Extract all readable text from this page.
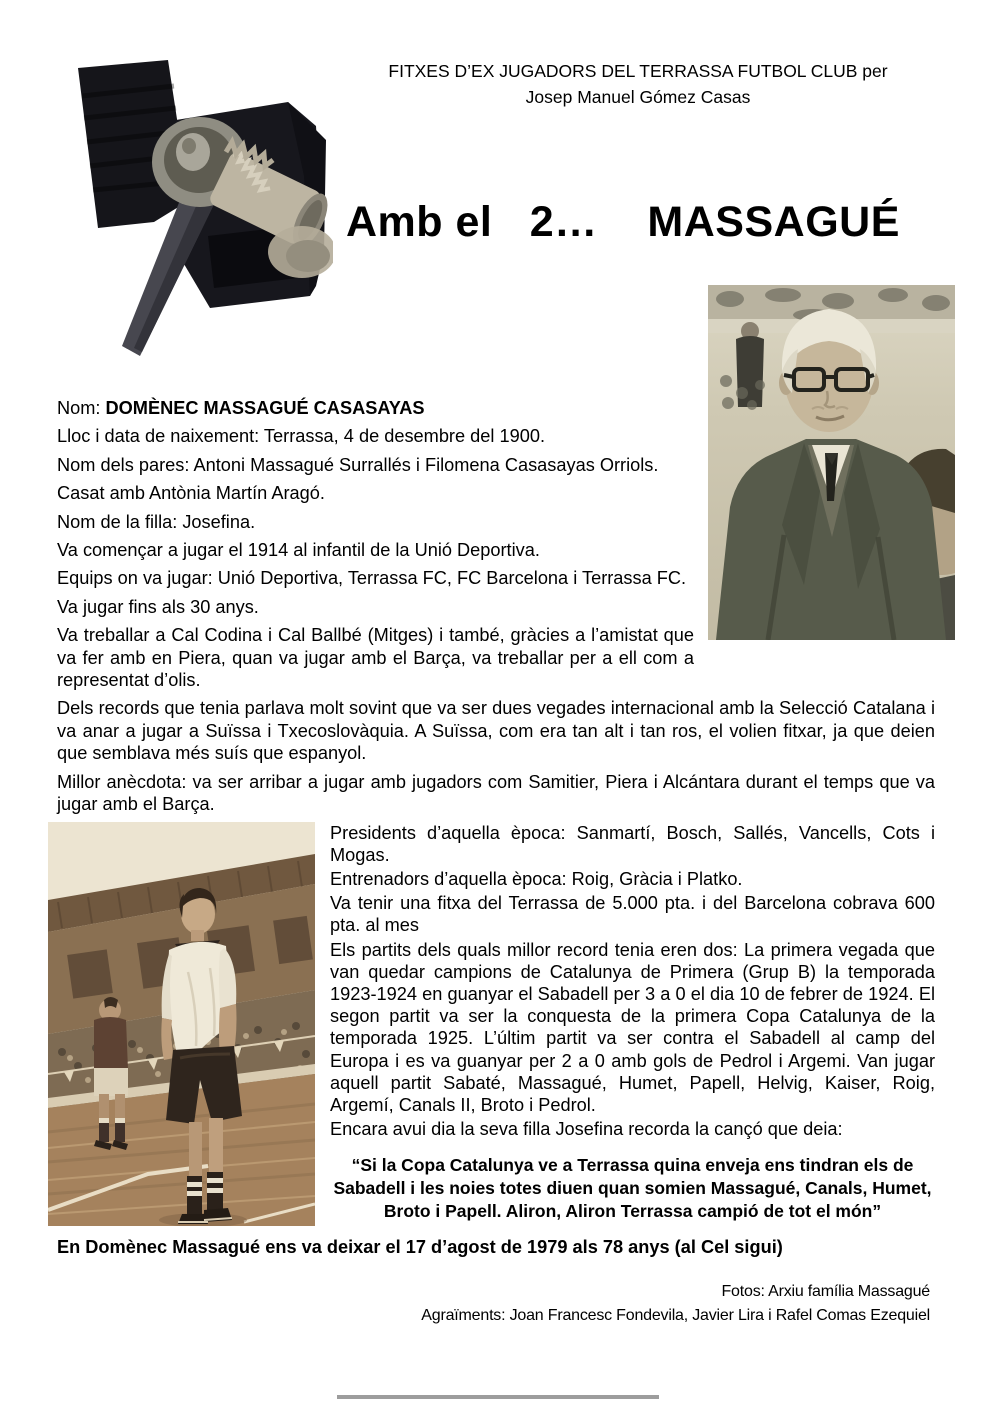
FITXES D’EX JUGADORS DEL TERRASSA FUTBOL CLUB per
Josep Manuel Gómez Casas
Amb el   2…    MASSAGUÉ

Nom: DOMÈNEC MASSAGUÉ CASASAYAS

Lloc i data de naixement: Terrassa, 4 de desembre del 1900.

Nom dels pares: Antoni Massagué Surrallés i Filomena Casasayas Orriols.

Casat amb Antònia Martín Aragó.

Nom de la filla: Josefina.

Va començar a jugar el 1914 al infantil de la Unió Deportiva.

Equips on va jugar: Unió Deportiva, Terrassa FC, FC Barcelona i Terrassa FC.

Va jugar fins als 30 anys.

Va treballar a Cal Codina i Cal Ballbé (Mitges) i també, gràcies a l’amistat que va fer amb en Piera, quan va jugar amb el Barça, va treballar per a ell com a representat d’olis.

Dels records que tenia parlava molt sovint que va ser dues vegades internacional amb la Selecció Catalana i va anar a jugar a Suïssa i Txecoslovàquia. A Suïssa, com era tan alt i tan ros, el volien fitxar, ja que deien que semblava més suís que espanyol.

Millor anècdota: va ser arribar a jugar amb jugadors com Samitier, Piera i Alcántara durant el temps que va jugar amb el Barça.

Presidents d’aquella època: Sanmartí, Bosch, Sallés, Vancells, Cots i Mogas.

Entrenadors d’aquella època: Roig, Gràcia i Platko.

Va tenir una fitxa del Terrassa de 5.000 pta. i del Barcelona cobrava 600 pta. al mes

Els partits dels quals millor record tenia eren dos: La primera vegada que van quedar campions de Catalunya de Primera (Grup B) la temporada 1923-1924 en guanyar el Sabadell per 3 a 0 el dia 10 de febrer de 1924. El segon partit va ser la conquesta de la primera Copa Catalunya de la temporada 1925. L’últim partit va ser contra el Sabadell al camp del Europa i es va guanyar per 2 a 0 amb gols de Pedrol i Argemi. Van jugar aquell partit Sabaté, Massagué, Humet, Papell, Helvig, Kaiser, Roig, Argemí, Canals II, Broto i Pedrol.

Encara avui dia la seva filla Josefina recorda la cançó que deia:

“Si la Copa Catalunya ve a Terrassa quina enveja ens tindran els de Sabadell i les noies totes diuen quan somien Massagué, Canals, Humet, Broto i Papell. Aliron, Aliron Terrassa campió de tot el món”

En Domènec Massagué ens va deixar el 17 d’agost de 1979 als 78 anys (al Cel sigui)

Fotos: Arxiu família Massagué

Agraïments: Joan Francesc Fondevila, Javier Lira i Rafel Comas Ezequiel
